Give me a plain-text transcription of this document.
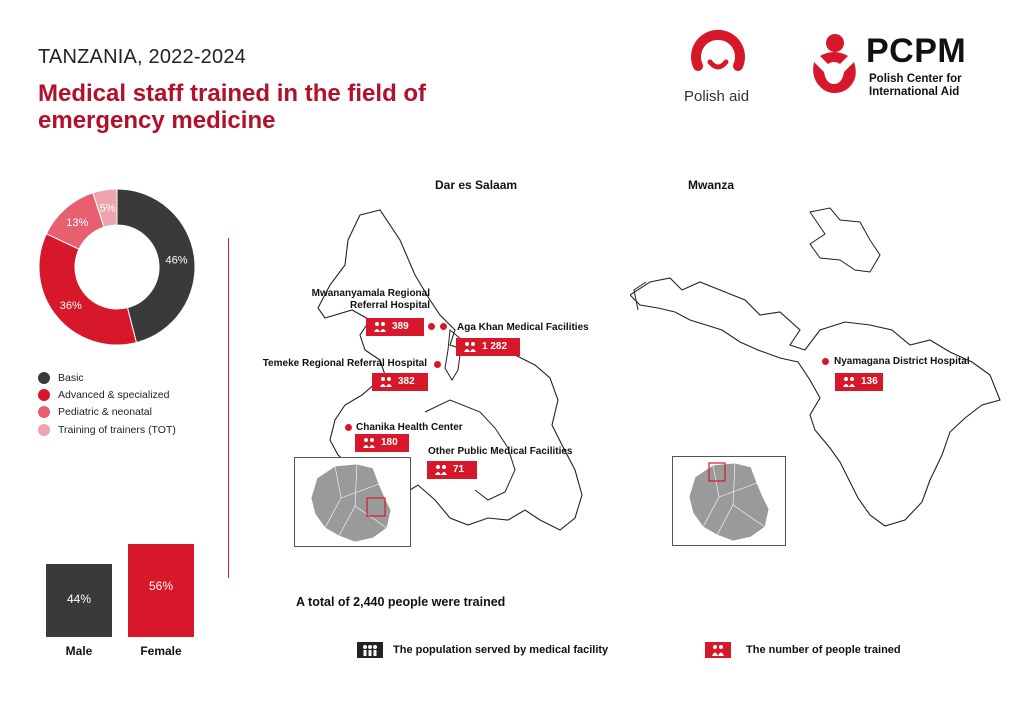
TANZANIA, 2022-2024
Medical staff trained in the field of emergency medicine
Polish aid
PCPM
Polish Center for International Aid
46%
36%
13%
5%
Basic
Advanced & specialized
Pediatric & neonatal
Training of trainers (TOT)
44%
56%
Male	Female
Dar es Salaam	Mwanza
Mwananyamala Regional Referral Hospital
389	Aga Khan Medical Facilities
1 282
Temeke Regional Referral Hospital
382
Chanika Health Center
180
Other Public Medical Facilities
71
Nyamagana District Hospital
136
A total of 2,440 people were trained
The population served by medical facility	The number of people trained
